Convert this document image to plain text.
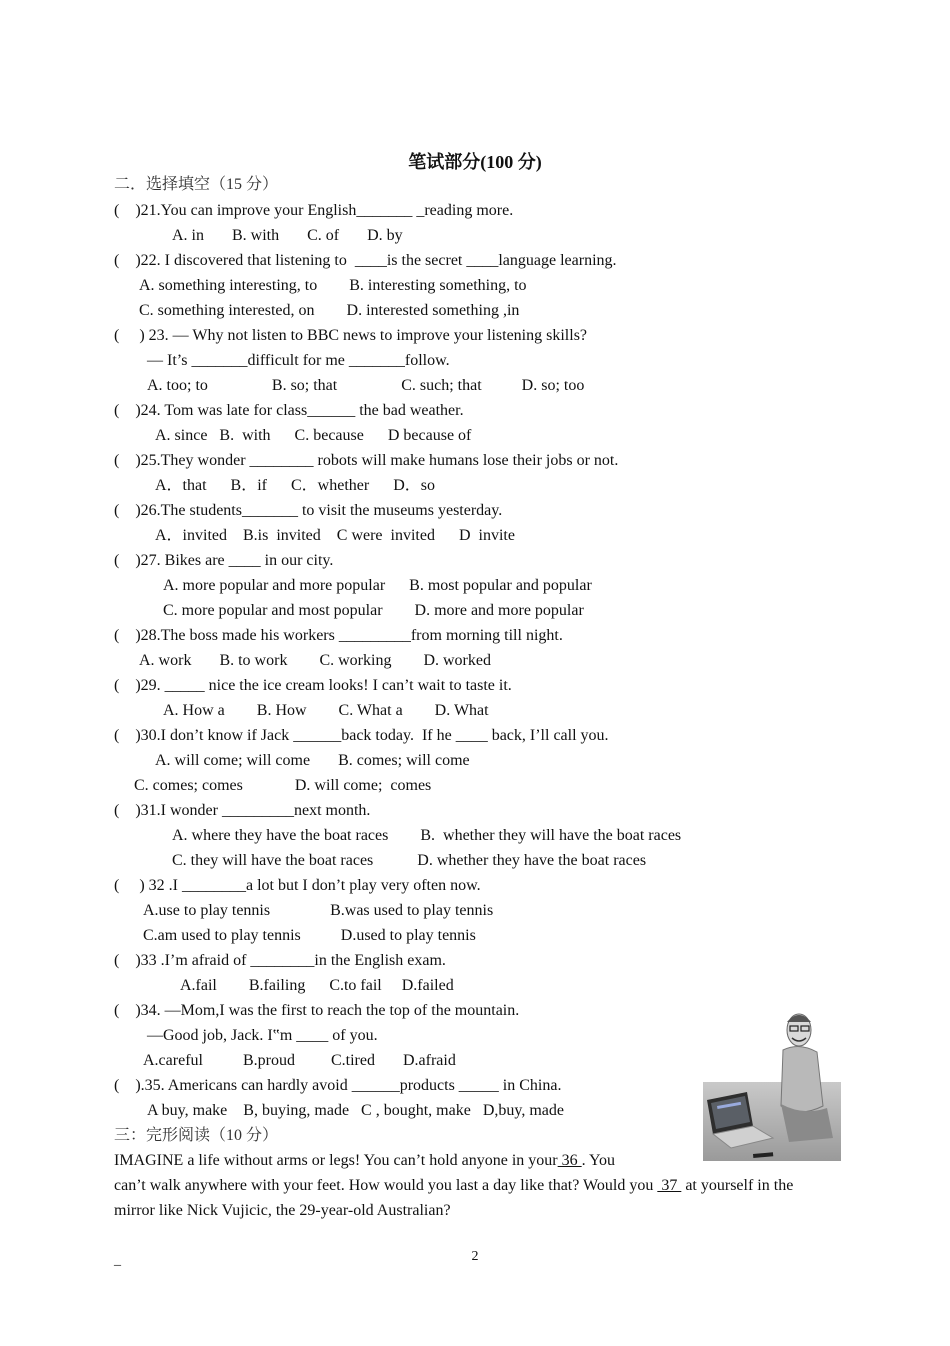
笔试部分(100 分)
二．选择填空（15 分）
(    )21.You can improve your English_______ _reading more.
A. in       B. with       C. of       D. by
(    )22. I discovered that listening to  ____is the secret ____language learning.
A. something interesting, to        B. interesting something, to
C. something interested, on        D. interested something ,in
(     ) 23. — Why not listen to BBC news to improve your listening skills?
— It’s _______difficult for me _______follow.
A. too; to                B. so; that                C. such; that          D. so; too
(    )24. Tom was late for class______ the bad weather.
A. since   B.  with      C. because      D because of
(    )25.They wonder ________ robots will make humans lose their jobs or not.
A．that      B．if      C．whether      D．so
(    )26.The students_______ to visit the museums yesterday.
A．invited    B.is  invited    C were  invited      D  invite
(    )27. Bikes are ____ in our city.
A. more popular and more popular      B. most popular and popular
C. more popular and most popular        D. more and more popular
(    )28.The boss made his workers _________from morning till night.
A. work       B. to work        C. working        D. worked
(    )29. _____ nice the ice cream looks! I can’t wait to taste it.
A. How a        B. How        C. What a        D. What
(    )30.I don’t know if Jack ______back today.  If he ____ back, I’ll call you.
A. will come; will come       B. comes; will come
C. comes; comes             D. will come;  comes
(    )31.I wonder _________next month.
A. where they have the boat races        B.  whether they will have the boat races
C. they will have the boat races           D. whether they have the boat races
(     ) 32 .I ________a lot but I don’t play very often now.
A.use to play tennis               B.was used to play tennis
C.am used to play tennis          D.used to play tennis
(    )33 .I’m afraid of ________in the English exam.
A.fail        B.failing      C.to fail     D.failed
(    )34. —Mom,I was the first to reach the top of the mountain.
—Good job, Jack. I‟m ____ of you.
A.careful          B.proud         C.tired       D.afraid
(    ).35. Americans can hardly avoid ______products _____ in China.
A buy, make    B, buying, made   C , bought, make   D,buy, made
三：完形阅读（10 分）
IMAGINE a life without arms or legs! You can’t hold anyone in your  36 . You
can’t walk anywhere with your feet. How would you last a day like that? Would you  37  at yourself in the
mirror like Nick Vujicic, the 29-year-old Australian?
2
_
